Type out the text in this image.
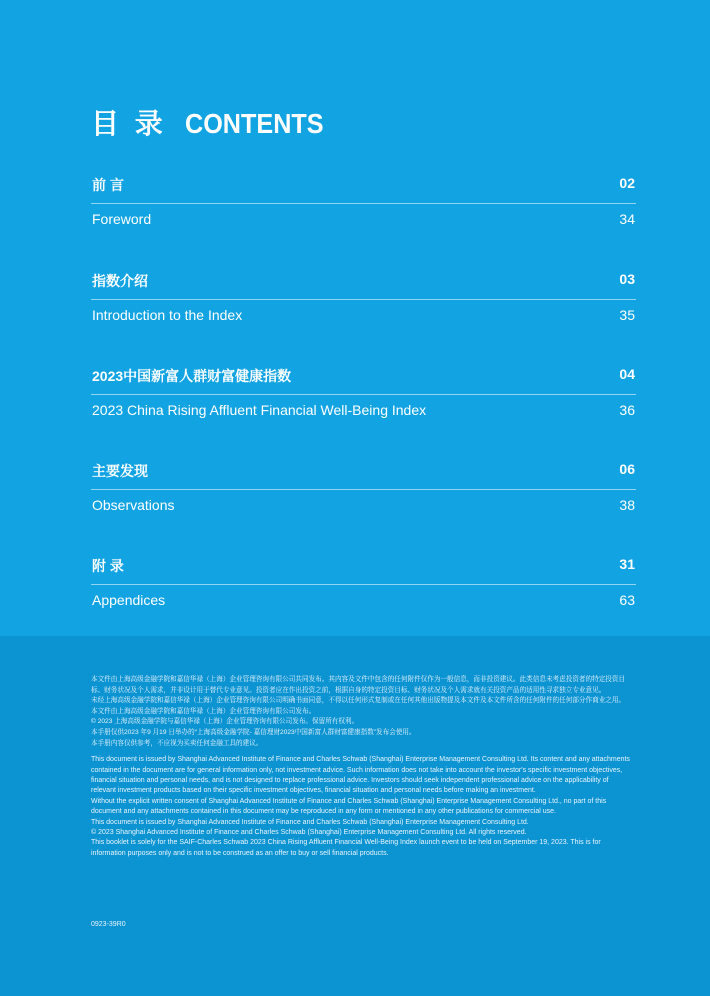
目 录 CONTENTS
前 言	02
Foreword	34
指数介绍	03
Introduction to the Index	35
2023中国新富人群财富健康指数	04
2023 China Rising Affluent Financial Well-Being Index	36
主要发现	06
Observations	38
附 录	31
Appendices	63

本文件由上海高级金融学院和嘉信华禄（上海）企业管理咨询有限公司共同发布。其内容及文件中包含的任何附件仅作为一般信息，而非投资建议。此类信息未考虑投资者的特定投资目标、财务状况及个人需求，并非设计用于替代专业意见。投资者应在作出投资之前，根据自身的特定投资目标、财务状况及个人需求就有关投资产品的适用性寻求独立专业意见。

未经上海高级金融学院和嘉信华禄（上海）企业管理咨询有限公司明确书面同意，不得以任何形式复制或在任何其他出版物提及本文件及本文件所含的任何附件的任何部分作商业之用。

本文件由上海高级金融学院和嘉信华禄（上海）企业管理咨询有限公司发布。

© 2023 上海高级金融学院与嘉信华禄（上海）企业管理咨询有限公司发布。保留所有权利。

本手册仅供2023 年9 月19 日举办的“上海高级金融学院- 嘉信理财2023中国新富人群财富健康指数”发布会使用。

本手册内容仅供参考，不应视为买卖任何金融工具的建议。

This document is issued by Shanghai Advanced Institute of Finance and Charles Schwab (Shanghai) Enterprise Management Consulting Ltd. Its content and any attachments contained in the document are for general information only, not investment advice. Such information does not take into account the investor's specific investment objectives, financial situation and personal needs, and is not designed to replace professional advice. Investors should seek independent professional advice on the applicability of relevant investment products based on their specific investment objectives, financial situation and personal needs before making an investment.

Without the explicit written consent of Shanghai Advanced Institute of Finance and Charles Schwab (Shanghai) Enterprise Management Consulting Ltd., no part of this document and any attachments contained in this document may be reproduced in any form or mentioned in any other publications for commercial use.

This document is issued by Shanghai Advanced Institute of Finance and Charles Schwab (Shanghai) Enterprise Management Consulting Ltd.

© 2023 Shanghai Advanced Institute of Finance and Charles Schwab (Shanghai) Enterprise Management Consulting Ltd. All rights reserved.

This booklet is solely for the SAIF-Charles Schwab 2023 China Rising Affluent Financial Well-Being Index launch event to be held on September 19, 2023. This is for information purposes only and is not to be construed as an offer to buy or sell financial products.

0923-39R0
